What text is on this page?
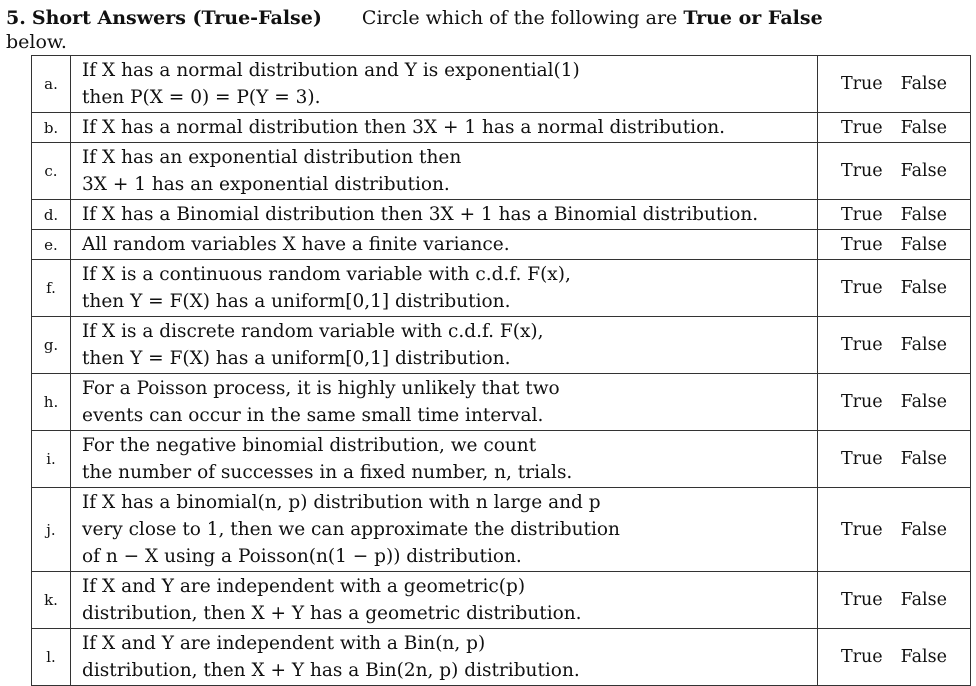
5. Short Answers (True-False) Circle which of the following are True or False
below.
a.	If X has a normal distribution and Y is exponential(1)
then P(X = 0) = P(Y = 3).	True False
b.	If X has a normal distribution then 3X + 1 has a normal distribution.	True False
c.	If X has an exponential distribution then
3X + 1 has an exponential distribution.	True False
d.	If X has a Binomial distribution then 3X + 1 has a Binomial distribution.	True False
e.	All random variables X have a finite variance.	True False
f.	If X is a continuous random variable with c.d.f. F(x),
then Y = F(X) has a uniform[0,1] distribution.	True False
g.	If X is a discrete random variable with c.d.f. F(x),
then Y = F(X) has a uniform[0,1] distribution.	True False
h.	For a Poisson process, it is highly unlikely that two
events can occur in the same small time interval.	True False
i.	For the negative binomial distribution, we count
the number of successes in a fixed number, n, trials.	True False
j.	If X has a binomial(n, p) distribution with n large and p
very close to 1, then we can approximate the distribution
of n − X using a Poisson(n(1 − p)) distribution.	True False
k.	If X and Y are independent with a geometric(p)
distribution, then X + Y has a geometric distribution.	True False
l.	If X and Y are independent with a Bin(n, p)
distribution, then X + Y has a Bin(2n, p) distribution.	True False
